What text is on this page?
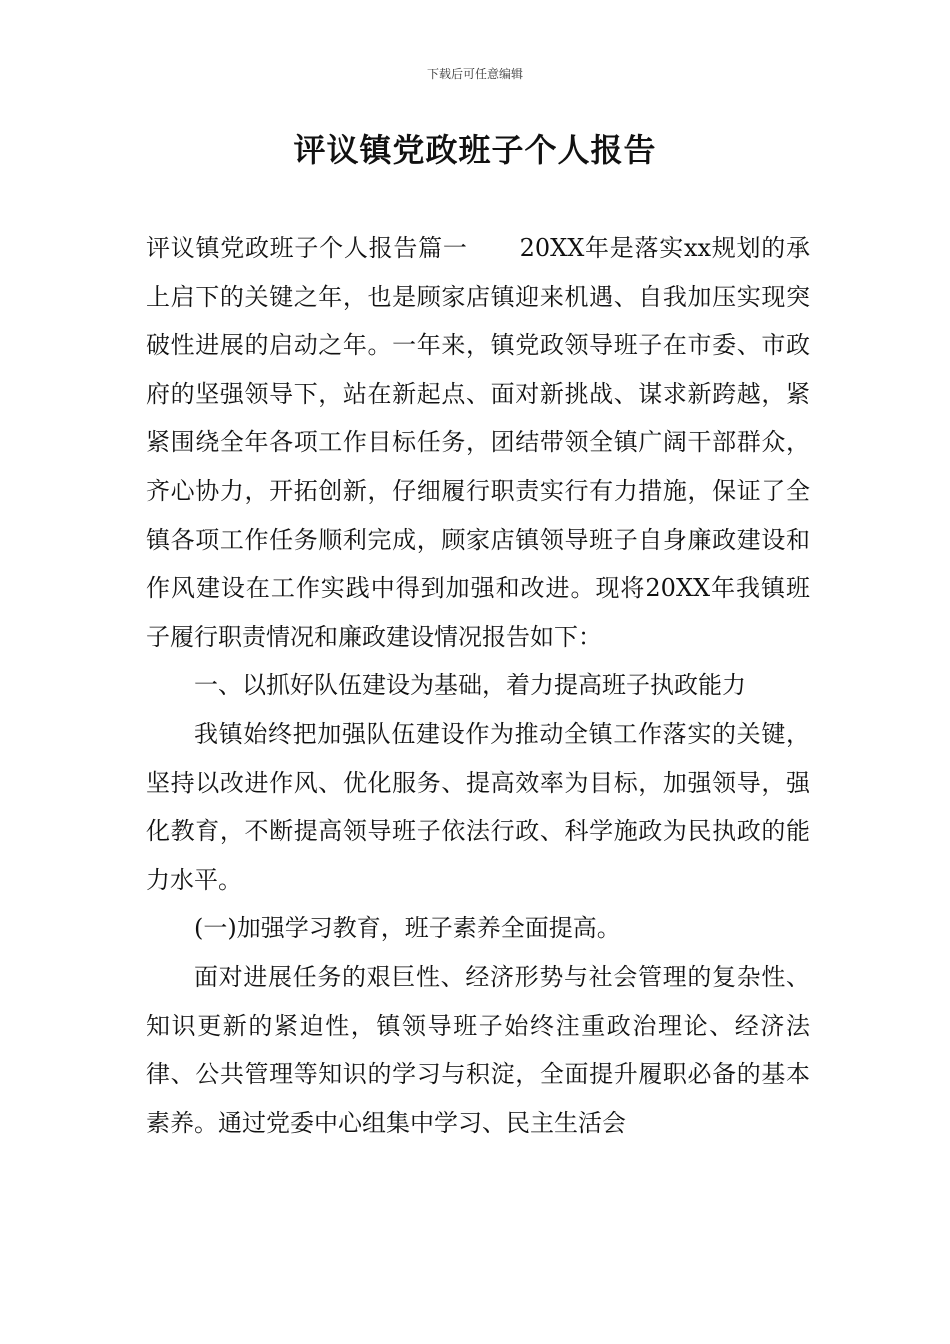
下载后可任意编辑
评议镇党政班子个人报告

评议镇党政班子个人报告篇一 20XX年是落实xx规划的承上启下的关键之年，也是顾家店镇迎来机遇、自我加压实现突破性进展的启动之年。一年来，镇党政领导班子在市委、市政府的坚强领导下，站在新起点、面对新挑战、谋求新跨越，紧紧围绕全年各项工作目标任务，团结带领全镇广阔干部群众，齐心协力，开拓创新，仔细履行职责实行有力措施，保证了全镇各项工作任务顺利完成，顾家店镇领导班子自身廉政建设和作风建设在工作实践中得到加强和改进。现将20XX年我镇班子履行职责情况和廉政建设情况报告如下：

一、以抓好队伍建设为基础，着力提高班子执政能力

我镇始终把加强队伍建设作为推动全镇工作落实的关键，坚持以改进作风、优化服务、提高效率为目标，加强领导，强化教育，不断提高领导班子依法行政、科学施政为民执政的能力水平。

(一)加强学习教育，班子素养全面提高。

面对进展任务的艰巨性、经济形势与社会管理的复杂性、知识更新的紧迫性，镇领导班子始终注重政治理论、经济法律、公共管理等知识的学习与积淀，全面提升履职必备的基本素养。通过党委中心组集中学习、民主生活会
